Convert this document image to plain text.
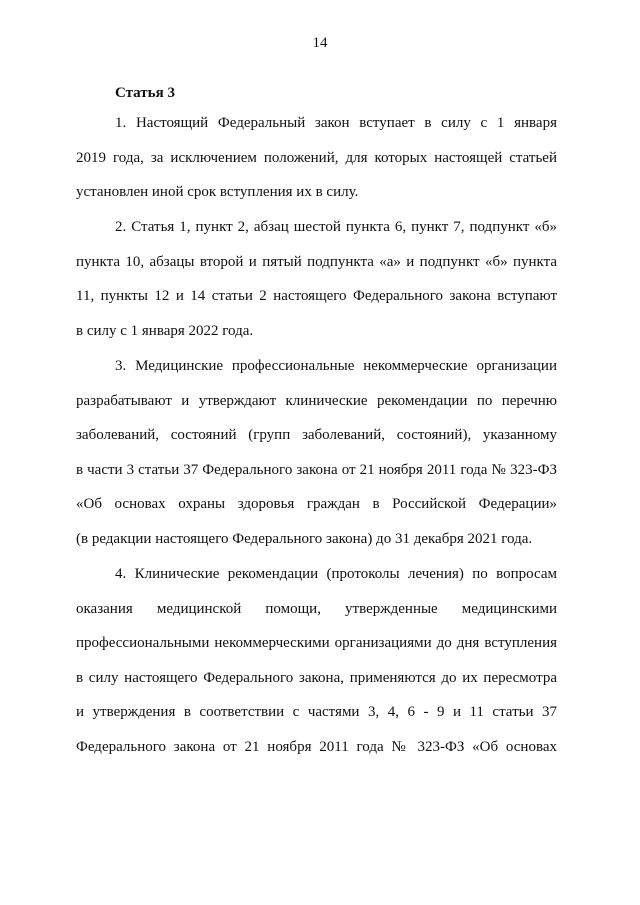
14
Статья 3
1. Настоящий Федеральный закон вступает в силу с 1 января
2019 года, за исключением положений, для которых настоящей статьей
установлен иной срок вступления их в силу.
2. Статья 1, пункт 2, абзац шестой пункта 6, пункт 7, подпункт «б»
пункта 10, абзацы второй и пятый подпункта «а» и подпункт «б» пункта
11, пункты 12 и 14 статьи 2 настоящего Федерального закона вступают
в силу с 1 января 2022 года.
3. Медицинские профессиональные некоммерческие организации
разрабатывают и утверждают клинические рекомендации по перечню
заболеваний, состояний (групп заболеваний, состояний), указанному
в части 3 статьи 37 Федерального закона от 21 ноября 2011 года № 323-ФЗ
«Об основах охраны здоровья граждан в Российской Федерации»
(в редакции настоящего Федерального закона) до 31 декабря 2021 года.
4. Клинические рекомендации (протоколы лечения) по вопросам
оказания медицинской помощи, утвержденные медицинскими
профессиональными некоммерческими организациями до дня вступления
в силу настоящего Федерального закона, применяются до их пересмотра
и утверждения в соответствии с частями 3, 4, 6 - 9 и 11 статьи 37
Федерального закона от 21 ноября 2011 года № 323-ФЗ «Об основах
